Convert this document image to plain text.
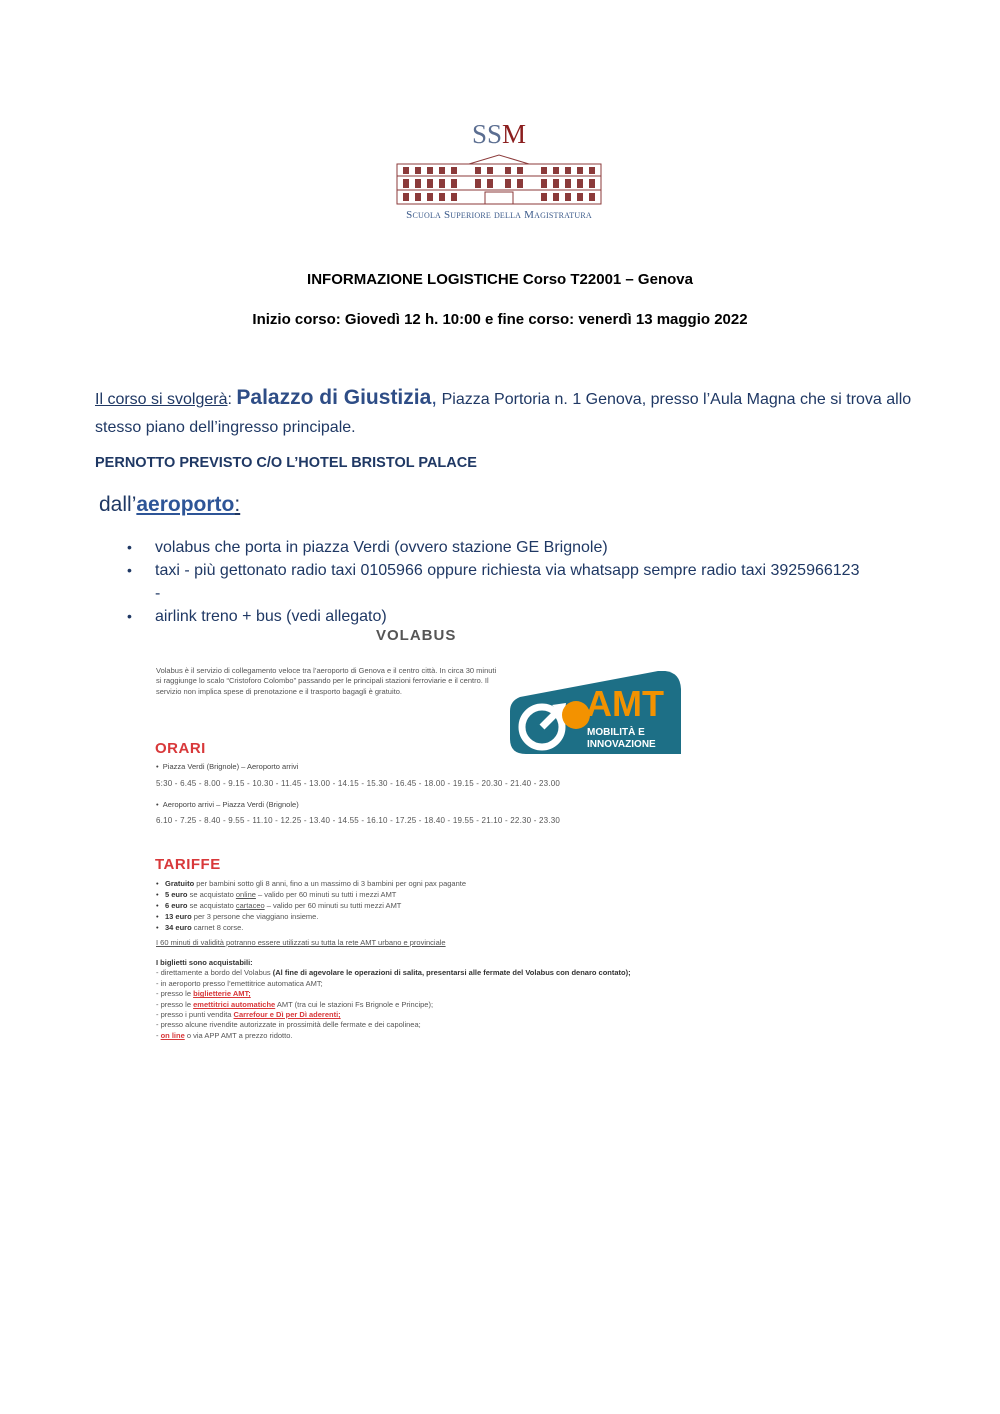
SSM
Scuola Superiore della Magistratura
INFORMAZIONE LOGISTICHE Corso T22001 – Genova
Inizio corso: Giovedì 12 h. 10:00 e fine corso: venerdì 13 maggio 2022
Il corso si svolgerà: Palazzo di Giustizia, Piazza Portoria n. 1 Genova, presso l’Aula Magna che si trova allo stesso piano dell’ingresso principale.
PERNOTTO PREVISTO C/O L’HOTEL BRISTOL PALACE
dall’aeroporto:
• volabus che porta in piazza Verdi (ovvero stazione GE Brignole)
• taxi - più gettonato radio taxi 0105966 oppure richiesta via whatsapp sempre radio taxi 3925966123 -
• airlink treno + bus (vedi allegato)
VOLABUS
Volabus è il servizio di collegamento veloce tra l’aeroporto di Genova e il centro città. In circa 30 minuti si raggiunge lo scalo “Cristoforo Colombo” passando per le principali stazioni ferroviarie e il centro. Il servizio non implica spese di prenotazione e il trasporto bagagli è gratuito.	AMT
MOBILITÀ E
INNOVAZIONE
ORARI
•  Piazza Verdi (Brignole) – Aeroporto arrivi
5:30 - 6.45 - 8.00 - 9.15 - 10.30 - 11.45 - 13.00 - 14.15 - 15.30 - 16.45 - 18.00 - 19.15 - 20.30 - 21.40 - 23.00
•  Aeroporto arrivi – Piazza Verdi (Brignole)
6.10 - 7.25 - 8.40 - 9.55 - 11.10 - 12.25 - 13.40 - 14.55 - 16.10 - 17.25 - 18.40 - 19.55 - 21.10 - 22.30 - 23.30
TARIFFE
• Gratuito per bambini sotto gli 8 anni, fino a un massimo di 3 bambini per ogni pax pagante
• 5 euro se acquistato online – valido per 60 minuti su tutti i mezzi AMT
• 6 euro se acquistato cartaceo – valido per 60 minuti su tutti mezzi AMT
• 13 euro per 3 persone che viaggiano insieme.
• 34 euro carnet 8 corse.
I 60 minuti di validità potranno essere utilizzati su tutta la rete AMT urbano e provinciale
I biglietti sono acquistabili:
- direttamente a bordo del Volabus (Al fine di agevolare le operazioni di salita, presentarsi alle fermate del Volabus con denaro contato);
- in aeroporto presso l’emettitrice automatica AMT;
- presso le biglietterie AMT;
- presso le emettitrici automatiche AMT (tra cui le stazioni Fs Brignole e Principe);
- presso i punti vendita Carrefour e Dì per Dì aderenti;
- presso alcune rivendite autorizzate in prossimità delle fermate e dei capolinea;
- on line o via APP AMT a prezzo ridotto.
